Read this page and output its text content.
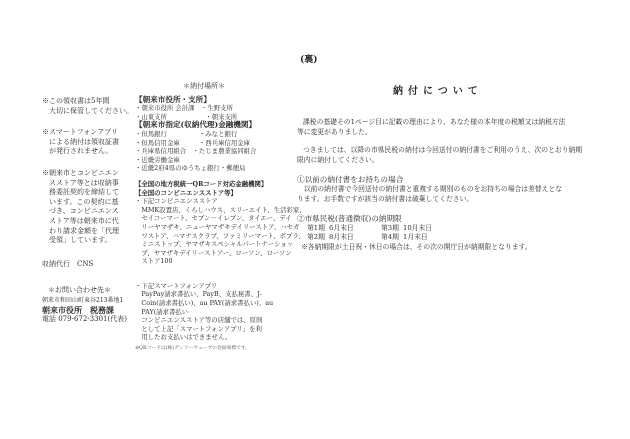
(裏)

※この領収書は5年間

　大切に保管してください。

※スマートフォンアプリ

　による納付は領収証書

　が発行されません。

※朝来市とコンビニエン

　スストア等とは収納事

　務委託契約を締結して

　います。この契約に基

　づき、コンビニエンス

　ストア等は朝来市に代

　わり請求金額を「代理

　受領」しています。

収納代行　CNS

＊お問い合わせ先＊

朝来市和田山町東谷213番地1

朝来市役所　税務課

電話 079-672-3301(代表)

＊納付場所＊

【朝来市役所・支所】

・朝来市役所 会計課　・生野支所

・山東支所　　　　　　・朝来支所

【朝来市指定(収納代理)金融機関】

・但馬銀行　　　　　・みなと銀行

・但馬信用金庫　　　・西兵庫信用金庫

・兵庫県信用組合　・たじま農業協同組合

・近畿労働金庫

・近畿2府4県のゆうちょ銀行・郵便局

【全国の地方税統一QRコード対応金融機関】

【全国のコンビニエンスストア等】

・下記コンビニエンスストア

　MMK設置店、くらしハウス、スリーエイト、生活彩家、

　セイコーマート、セブン－イレブン、タイエー、デイ

　リーヤマザキ、ニューヤマザキデイリーストア、ハセガ

　ワストア、ハマナスクラブ、ファミリーマート、ポプラ、

　ミニストップ、ヤマザキスペシャルパートナーショッ

　プ、ヤマザキデイリーストアー、ローソン、ローソン

　ストア100

・下記スマートフォンアプリ

　PayPay請求書払い、PayB、支払秘書、J-

　Coin(請求書払い)、au PAY(請求書払い)、au

　PAY(請求書払い

　コンビニエンスストア等の店舗では、原則

　として上記「スマートフォンアプリ」を利

　用したお支払いはできません。

※QRコードは(株)デンソーウェーブの登録商標です。

納付について

課税の基礎その1ページ目に記載の理由により、あなた様の本年度の税額又は納税方法

等に変更がありました。

つきましては、以降の市県民税の納付は今回送付の納付書をご利用のうえ、次のとおり納期

限内に納付してください。

①以前の納付書をお持ちの場合

　以前の納付書で今回送付の納付書と重複する期別のものをお持ちの場合は差替えとな

ります。お手数ですが該当の納付書は破棄してください。

②市県民税(普通徴収)の納期限

第1期 6月末日	第3期 10月末日
第2期 8月末日	第4期 1月末日

※各納期限が土日祝・休日の場合は、その次の開庁日が納期限となります。
